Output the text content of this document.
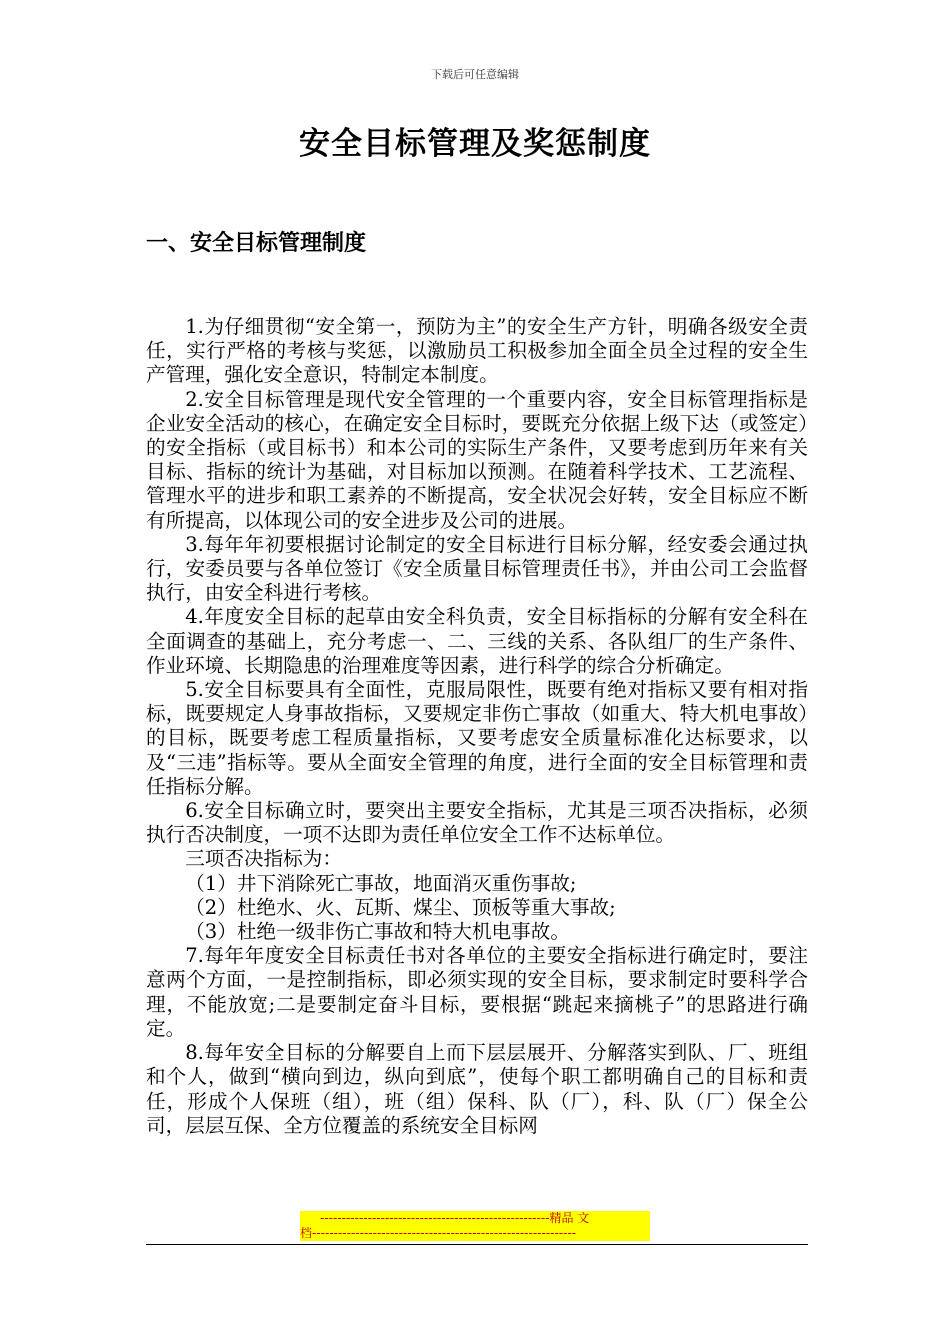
下载后可任意编辑
安全目标管理及奖惩制度
一、安全目标管理制度

1.为仔细贯彻“安全第一，预防为主”的安全生产方针，明确各级安全责任，实行严格的考核与奖惩，以激励员工积极参加全面全员全过程的安全生产管理，强化安全意识，特制定本制度。

2.安全目标管理是现代安全管理的一个重要内容，安全目标管理指标是企业安全活动的核心，在确定安全目标时，要既充分依据上级下达（或签定）的安全指标（或目标书）和本公司的实际生产条件，又要考虑到历年来有关目标、指标的统计为基础，对目标加以预测。在随着科学技术、工艺流程、管理水平的进步和职工素养的不断提高，安全状况会好转，安全目标应不断有所提高，以体现公司的安全进步及公司的进展。

3.每年年初要根据讨论制定的安全目标进行目标分解，经安委会通过执行，安委员要与各单位签订《安全质量目标管理责任书》，并由公司工会监督执行，由安全科进行考核。

4.年度安全目标的起草由安全科负责，安全目标指标的分解有安全科在全面调查的基础上，充分考虑一、二、三线的关系、各队组厂的生产条件、作业环境、长期隐患的治理难度等因素，进行科学的综合分析确定。

5.安全目标要具有全面性，克服局限性，既要有绝对指标又要有相对指标，既要规定人身事故指标，又要规定非伤亡事故（如重大、特大机电事故）的目标，既要考虑工程质量指标，又要考虑安全质量标准化达标要求，以及“三违”指标等。要从全面安全管理的角度，进行全面的安全目标管理和责任指标分解。

6.安全目标确立时，要突出主要安全指标，尤其是三项否决指标，必须执行否决制度，一项不达即为责任单位安全工作不达标单位。

三项否决指标为：

（1）井下消除死亡事故，地面消灭重伤事故;

（2）杜绝水、火、瓦斯、煤尘、顶板等重大事故;

（3）杜绝一级非伤亡事故和特大机电事故。

7.每年年度安全目标责任书对各单位的主要安全指标进行确定时，要注意两个方面，一是控制指标，即必须实现的安全目标，要求制定时要科学合理，不能放宽;二是要制定奋斗目标，要根据“跳起来摘桃子”的思路进行确定。

8.每年安全目标的分解要自上而下层层展开、分解落实到队、厂、班组和个人，做到“横向到边，纵向到底”，使每个职工都明确自己的目标和责任，形成个人保班（组），班（组）保科、队（厂），科、队（厂）保全公司，层层互保、全方位覆盖的系统安全目标网

-----------------------------------------------------精品 文
档-------------------------------------------------------------
